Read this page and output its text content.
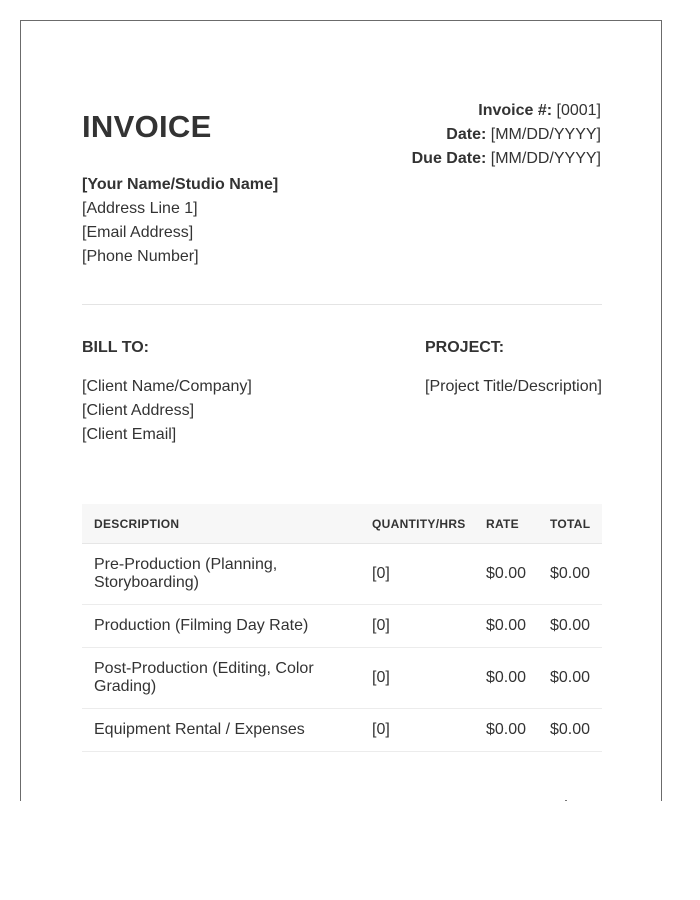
INVOICE	Invoice #: [0001]
Date: [MM/DD/YYYY]
Due Date: [MM/DD/YYYY]
[Your Name/Studio Name]
[Address Line 1]
[Email Address]
[Phone Number]
BILL TO:
[Client Name/Company]
[Client Address]
[Client Email]
PROJECT:
[Project Title/Description]
DESCRIPTION	QUANTITY/HRS	RATE	TOTAL
Pre-Production (Planning, Storyboarding)	[0]	$0.00	$0.00
Production (Filming Day Rate)	[0]	$0.00	$0.00
Post-Production (Editing, Color Grading)	[0]	$0.00	$0.00
Equipment Rental / Expenses	[0]	$0.00	$0.00
